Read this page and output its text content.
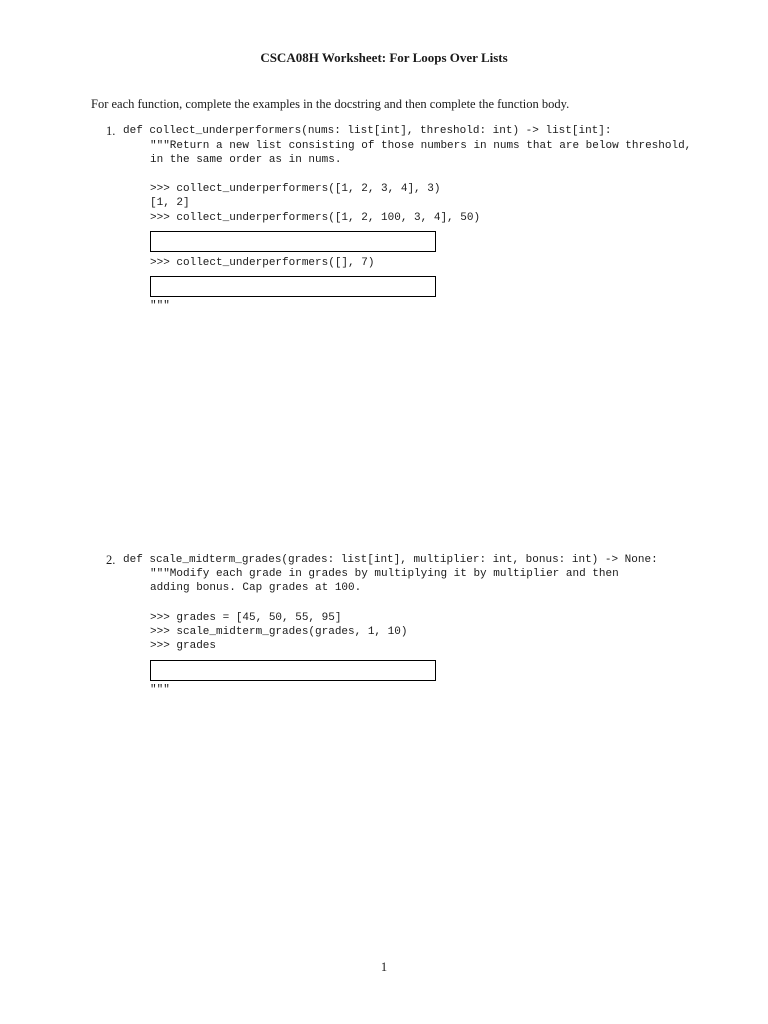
CSCA08H Worksheet: For Loops Over Lists
For each function, complete the examples in the docstring and then complete the function body.
1. def collect_underperformers(nums: list[int], threshold: int) -> list[int]:
"""Return a new list consisting of those numbers in nums that are below threshold,
in the same order as in nums.
>>> collect_underperformers([1, 2, 3, 4], 3)
[1, 2]
>>> collect_underperformers([1, 2, 100, 3, 4], 50)
>>> collect_underperformers([], 7)
"""
2. def scale_midterm_grades(grades: list[int], multiplier: int, bonus: int) -> None:
"""Modify each grade in grades by multiplying it by multiplier and then
adding bonus. Cap grades at 100.
>>> grades = [45, 50, 55, 95]
>>> scale_midterm_grades(grades, 1, 10)
>>> grades
"""
1
